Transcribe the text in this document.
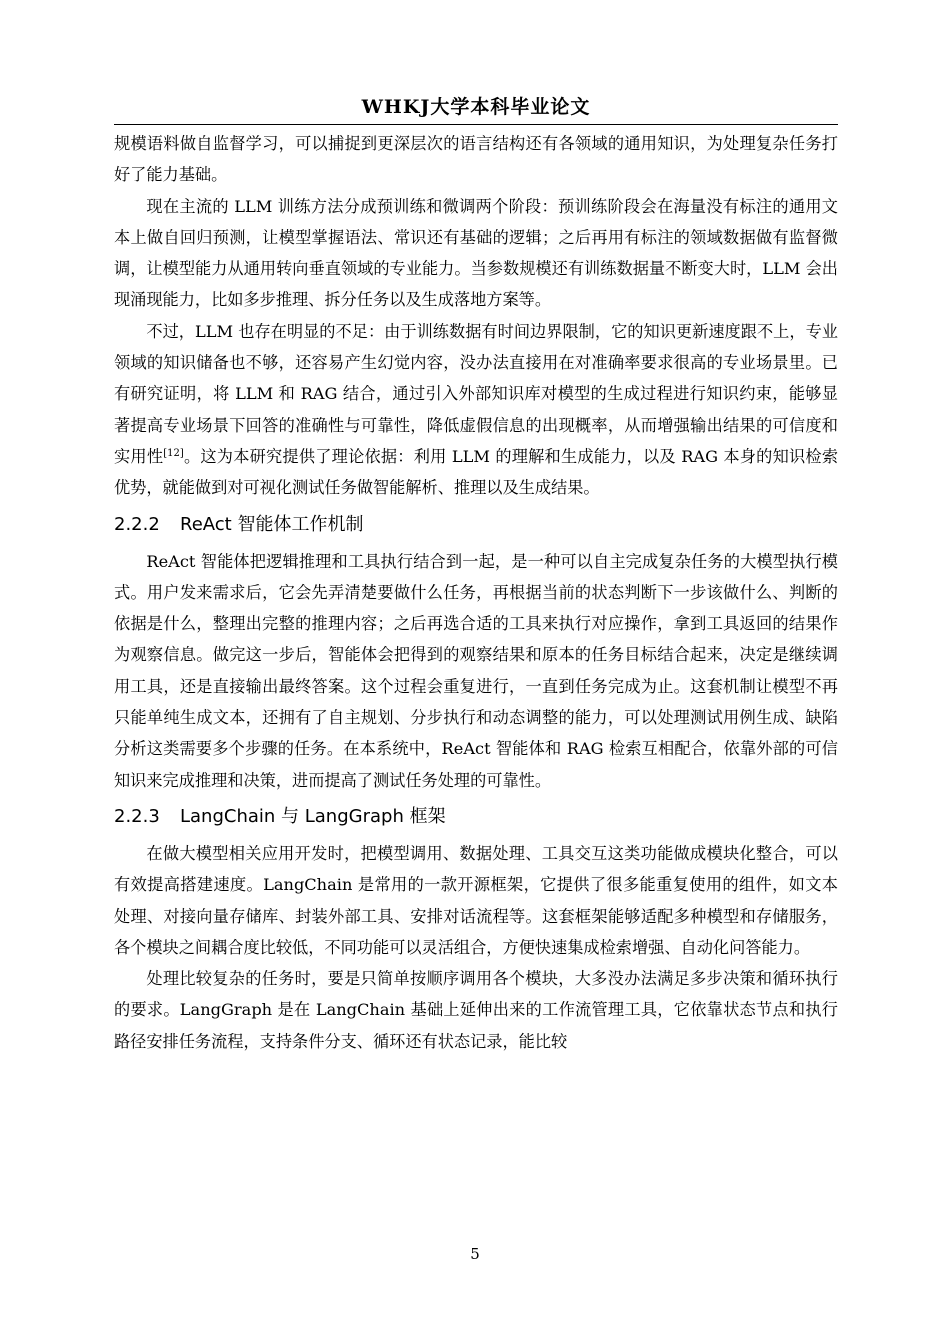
WHKJ大学本科毕业论文

规模语料做自监督学习，可以捕捉到更深层次的语言结构还有各领域的通用知识，为处理复杂任务打好了能力基础。

现在主流的 LLM 训练方法分成预训练和微调两个阶段：预训练阶段会在海量没有标注的通用文本上做自回归预测，让模型掌握语法、常识还有基础的逻辑；之后再用有标注的领域数据做有监督微调，让模型能力从通用转向垂直领域的专业能力。当参数规模还有训练数据量不断变大时，LLM 会出现涌现能力，比如多步推理、拆分任务以及生成落地方案等。

不过，LLM 也存在明显的不足：由于训练数据有时间边界限制，它的知识更新速度跟不上，专业领域的知识储备也不够，还容易产生幻觉内容，没办法直接用在对准确率要求很高的专业场景里。已有研究证明，将 LLM 和 RAG 结合，通过引入外部知识库对模型的生成过程进行知识约束，能够显著提高专业场景下回答的准确性与可靠性，降低虚假信息的出现概率，从而增强输出结果的可信度和实用性[12]。这为本研究提供了理论依据：利用 LLM 的理解和生成能力，以及 RAG 本身的知识检索优势，就能做到对可视化测试任务做智能解析、推理以及生成结果。

2.2.2 ReAct 智能体工作机制

ReAct 智能体把逻辑推理和工具执行结合到一起，是一种可以自主完成复杂任务的大模型执行模式。用户发来需求后，它会先弄清楚要做什么任务，再根据当前的状态判断下一步该做什么、判断的依据是什么，整理出完整的推理内容；之后再选合适的工具来执行对应操作，拿到工具返回的结果作为观察信息。做完这一步后，智能体会把得到的观察结果和原本的任务目标结合起来，决定是继续调用工具，还是直接输出最终答案。这个过程会重复进行，一直到任务完成为止。这套机制让模型不再只能单纯生成文本，还拥有了自主规划、分步执行和动态调整的能力，可以处理测试用例生成、缺陷分析这类需要多个步骤的任务。在本系统中，ReAct 智能体和 RAG 检索互相配合，依靠外部的可信知识来完成推理和决策，进而提高了测试任务处理的可靠性。

2.2.3 LangChain 与 LangGraph 框架

在做大模型相关应用开发时，把模型调用、数据处理、工具交互这类功能做成模块化整合，可以有效提高搭建速度。LangChain 是常用的一款开源框架，它提供了很多能重复使用的组件，如文本处理、对接向量存储库、封装外部工具、安排对话流程等。这套框架能够适配多种模型和存储服务，各个模块之间耦合度比较低，不同功能可以灵活组合，方便快速集成检索增强、自动化问答能力。

处理比较复杂的任务时，要是只简单按顺序调用各个模块，大多没办法满足多步决策和循环执行的要求。LangGraph 是在 LangChain 基础上延伸出来的工作流管理工具，它依靠状态节点和执行路径安排任务流程，支持条件分支、循环还有状态记录，能比较

5
